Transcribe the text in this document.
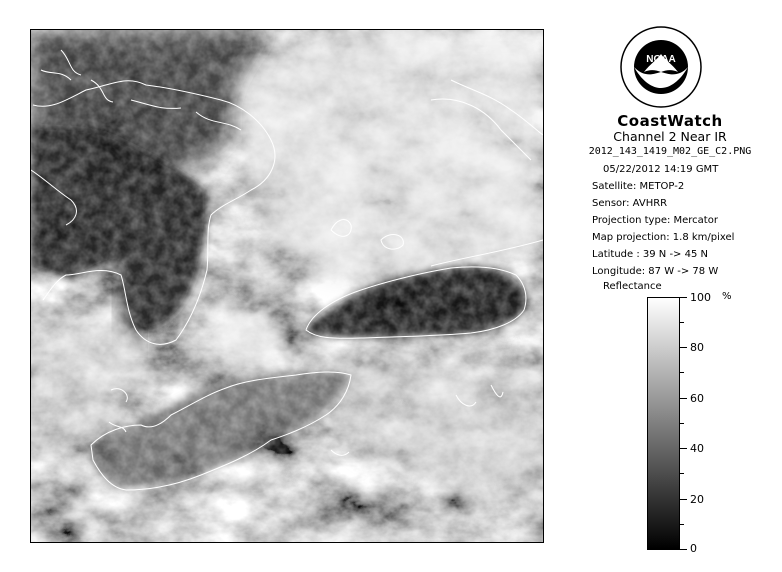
NOAA
CoastWatch
Channel 2 Near IR
2012_143_1419_M02_GE_C2.PNG
05/22/2012 14:19 GMT
Satellite: METOP-2
Sensor: AVHRR
Projection type: Mercator
Map projection: 1.8 km/pixel
Latitude : 39 N -> 45 N
Longitude: 87 W -> 78 W
Reflectance
100
80
60
40
20
0
%
